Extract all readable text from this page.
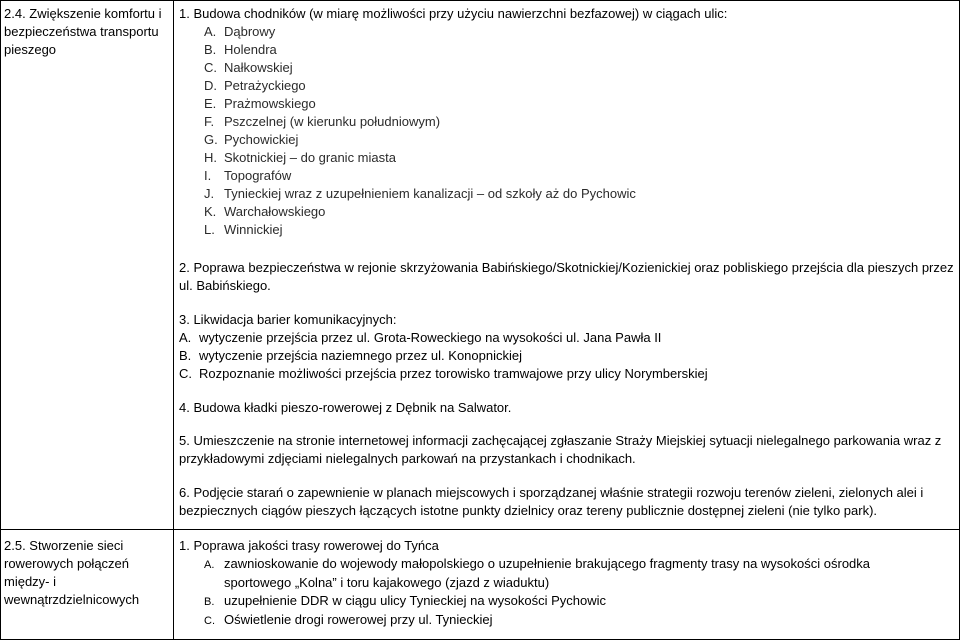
2.4. Zwiększenie komfortu i bezpieczeństwa transportu pieszego

1. Budowa chodników (w miarę możliwości przy użyciu nawierzchni bezfazowej) w ciągach ulic:

A. Dąbrowy

B. Holendra

C. Nałkowskiej

D. Petrażyckiego

E. Prażmowskiego

F. Pszczelnej (w kierunku południowym)

G. Pychowickiej

H. Skotnickiej – do granic miasta

I. Topografów

J. Tynieckiej wraz z uzupełnieniem kanalizacji – od szkoły aż do Pychowic

K. Warchałowskiego

L. Winnickiej

2. Poprawa bezpieczeństwa w rejonie skrzyżowania Babińskiego/Skotnickiej/Kozienickiej oraz pobliskiego przejścia dla pieszych przez ul. Babińskiego.

3. Likwidacja barier komunikacyjnych:

A. wytyczenie przejścia przez ul. Grota-Roweckiego na wysokości ul. Jana Pawła II

B. wytyczenie przejścia naziemnego przez ul. Konopnickiej

C. Rozpoznanie możliwości przejścia przez torowisko tramwajowe przy ulicy Norymberskiej

4. Budowa kładki pieszo-rowerowej z Dębnik na Salwator.

5. Umieszczenie na stronie internetowej informacji zachęcającej zgłaszanie Straży Miejskiej sytuacji nielegalnego parkowania wraz z przykładowymi zdjęciami nielegalnych parkowań na przystankach i chodnikach.

6. Podjęcie starań o zapewnienie w planach miejscowych i sporządzanej właśnie strategii rozwoju terenów zieleni, zielonych alei i bezpiecznych ciągów pieszych łączących istotne punkty dzielnicy oraz tereny publicznie dostępnej zieleni (nie tylko park).

2.5. Stworzenie sieci rowerowych połączeń między- i wewnątrzdzielnicowych

1. Poprawa jakości trasy rowerowej do Tyńca

A. zawnioskowanie do wojewody małopolskiego o uzupełnienie brakującego fragmenty trasy na wysokości ośrodka

sportowego „Kolna” i toru kajakowego (zjazd z wiaduktu)

B. uzupełnienie DDR w ciągu ulicy Tynieckiej na wysokości Pychowic

C. Oświetlenie drogi rowerowej przy ul. Tynieckiej
